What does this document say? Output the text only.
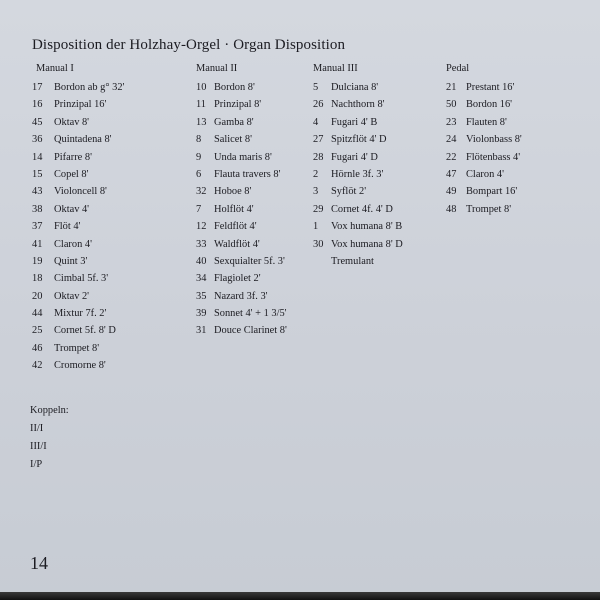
Disposition der Holzhay-Orgel · Organ Disposition
Manual I
17 Bordon ab g° 32'
16 Prinzipal 16'
45 Oktav 8'
36 Quintadena 8'
14 Pifarre 8'
15 Copel 8'
43 Violoncell 8'
38 Oktav 4'
37 Flöt 4'
41 Claron 4'
19 Quint 3'
18 Cimbal 5f. 3'
20 Oktav 2'
44 Mixtur 7f. 2'
25 Cornet 5f. 8' D
46 Trompet 8'
42 Cromorne 8'
Manual II
10 Bordon 8'
11 Prinzipal 8'
13 Gamba 8'
8 Salicet 8'
9 Unda maris 8'
6 Flauta travers 8'
32 Hoboe 8'
7 Holflöt 4'
12 Feldflöt 4'
33 Waldflöt 4'
40 Sexquialter 5f. 3'
34 Flagiolet 2'
35 Nazard 3f. 3'
39 Sonnet 4' + 1 3/5'
31 Douce Clarinet 8'
Manual III
5 Dulciana 8'
26 Nachthorn 8'
4 Fugari 4' B
27 Spitzflöt 4' D
28 Fugari 4' D
2 Hörnle 3f. 3'
3 Syflöt 2'
29 Cornet 4f. 4' D
1 Vox humana 8' B
30 Vox humana 8' D
Tremulant
Pedal
21 Prestant 16'
50 Bordon 16'
23 Flauten 8'
24 Violonbass 8'
22 Flötenbass 4'
47 Claron 4'
49 Bompart 16'
48 Trompet 8'
Koppeln:
II/I
III/I
I/P
14
